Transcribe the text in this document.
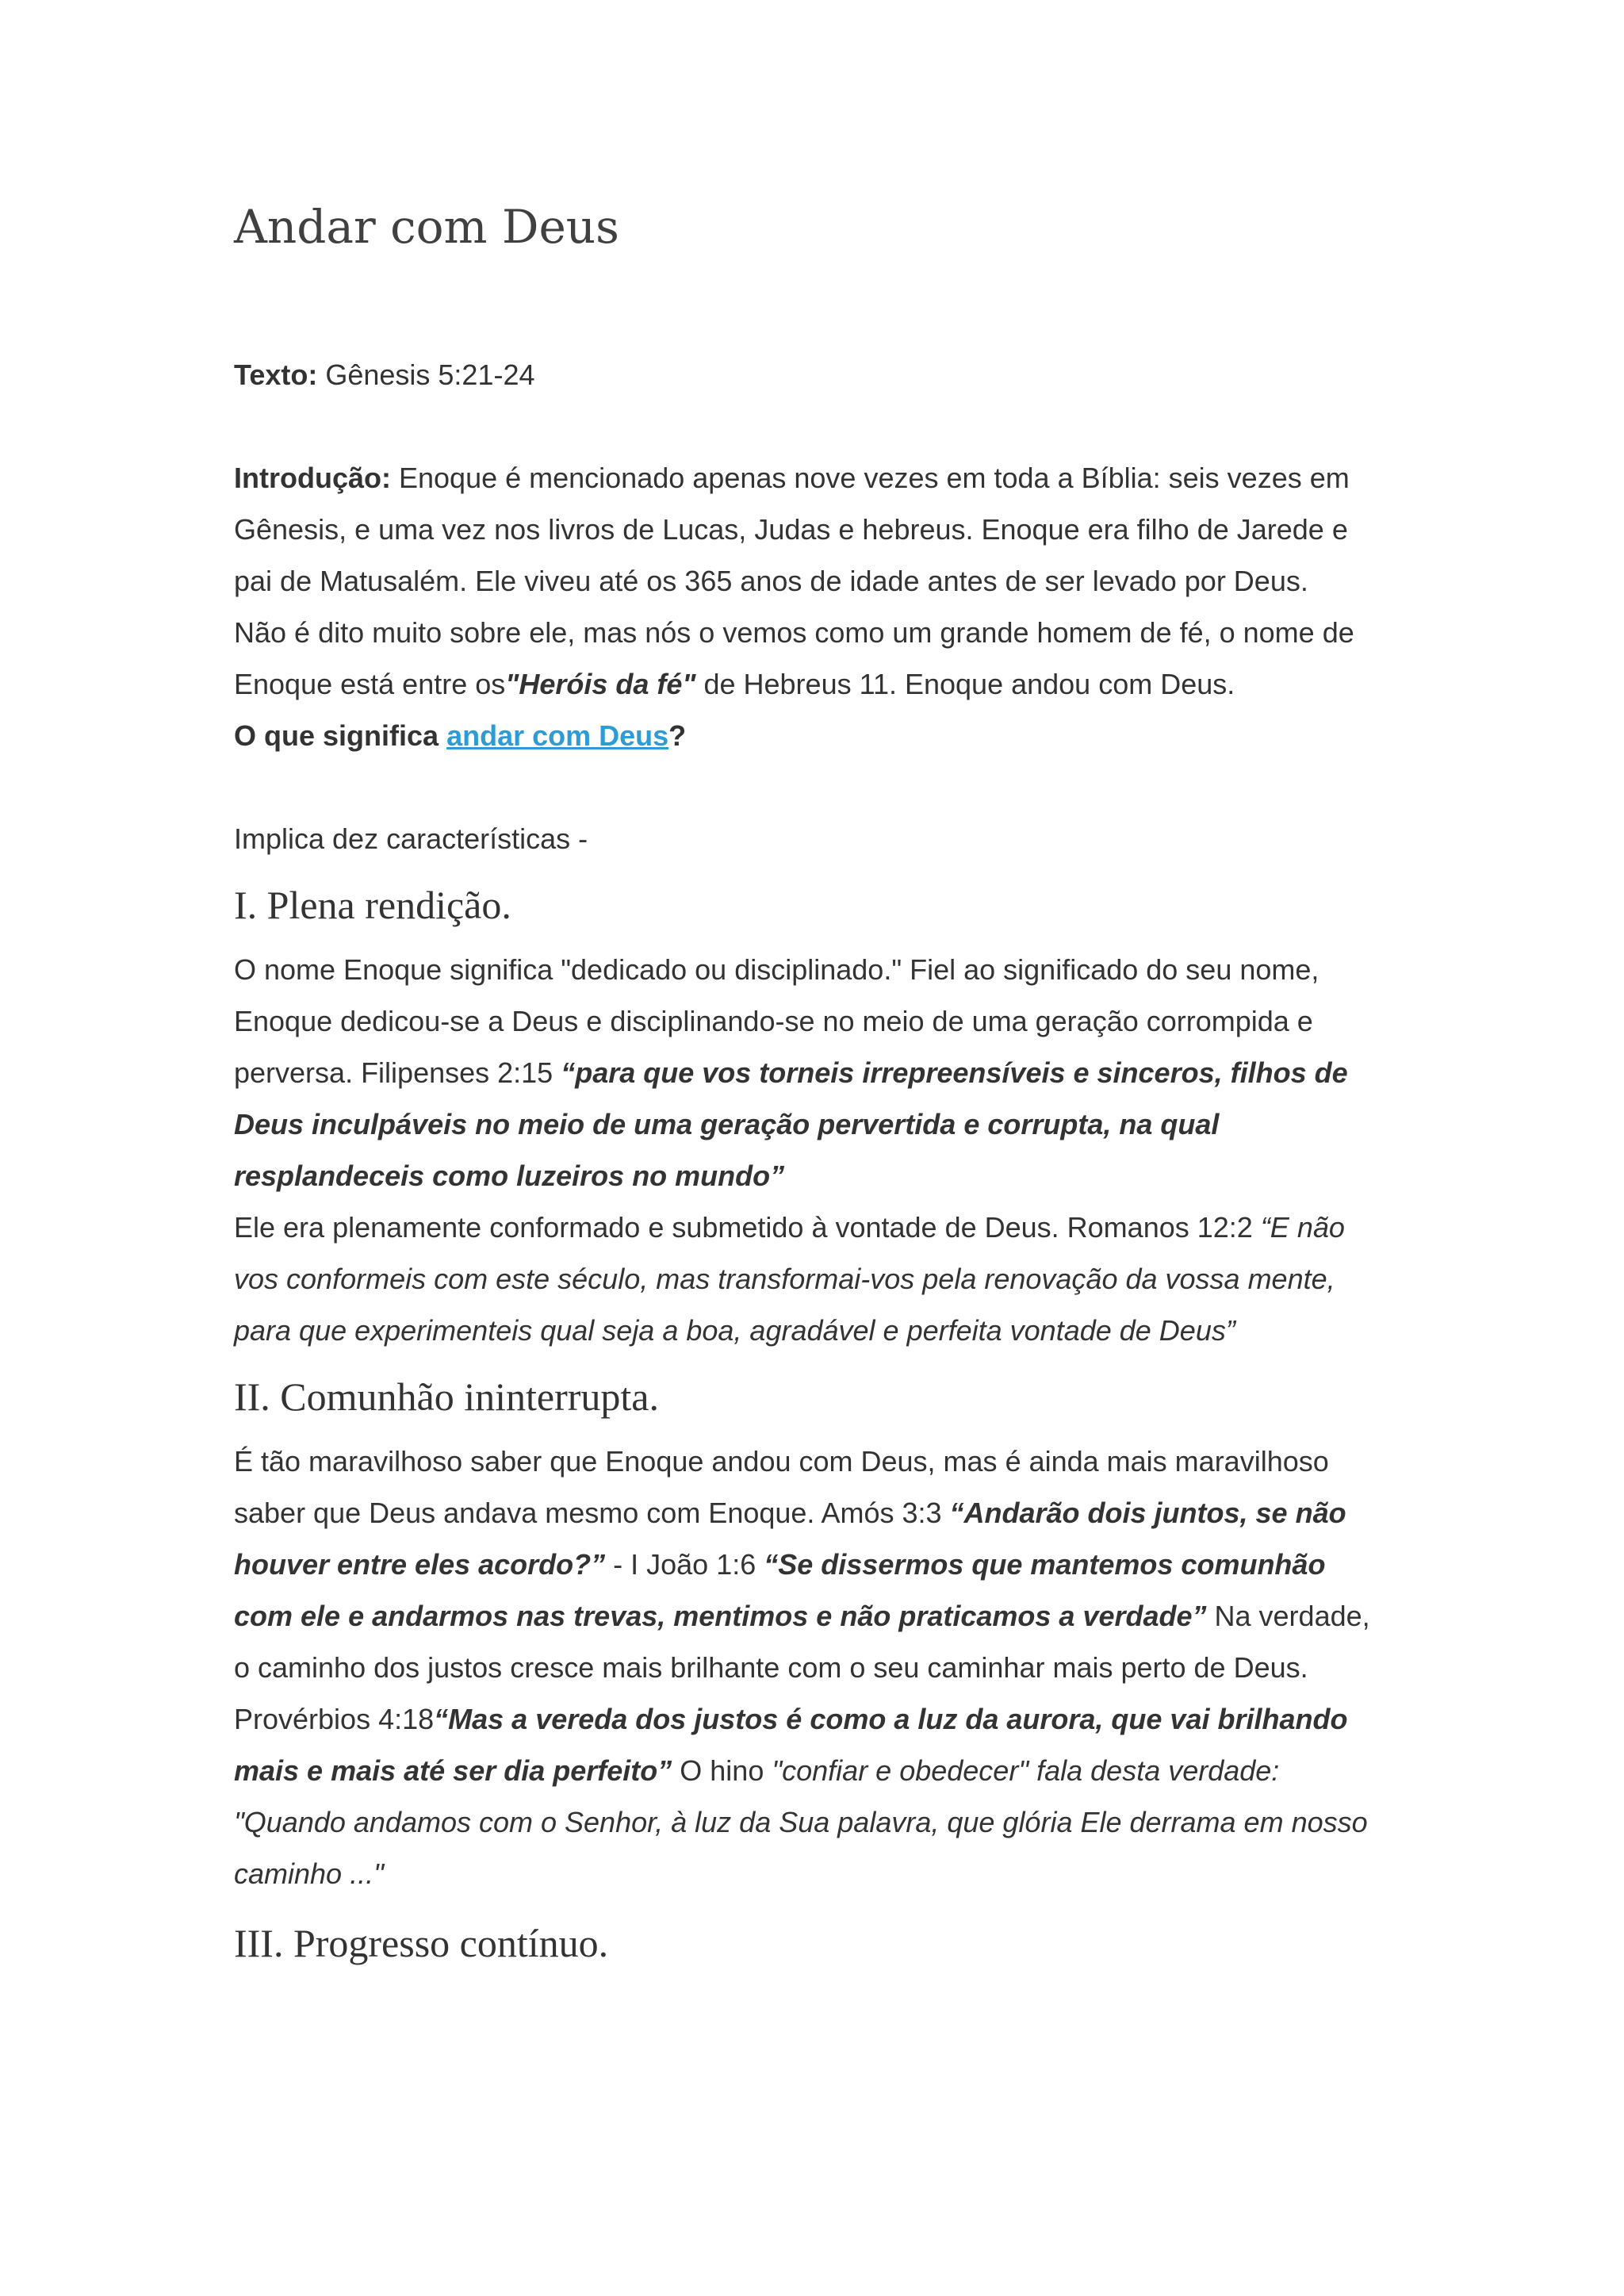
Andar com Deus

Texto: Gênesis 5:21-24

Introdução: Enoque é mencionado apenas nove vezes em toda a Bíblia: seis vezes em

Gênesis, e uma vez nos livros de Lucas, Judas e hebreus. Enoque era filho de Jarede e

pai de Matusalém. Ele viveu até os 365 anos de idade antes de ser levado por Deus.

Não é dito muito sobre ele, mas nós o vemos como um grande homem de fé, o nome de

Enoque está entre os"Heróis da fé" de Hebreus 11. Enoque andou com Deus.

O que significa andar com Deus?

Implica dez características -

I. Plena rendição.

O nome Enoque significa "dedicado ou disciplinado." Fiel ao significado do seu nome,

Enoque dedicou-se a Deus e disciplinando-se no meio de uma geração corrompida e

perversa. Filipenses 2:15 “para que vos torneis irrepreensíveis e sinceros, filhos de

Deus inculpáveis no meio de uma geração pervertida e corrupta, na qual

resplandeceis como luzeiros no mundo”

Ele era plenamente conformado e submetido à vontade de Deus. Romanos 12:2 “E não

vos conformeis com este século, mas transformai-vos pela renovação da vossa mente,

para que experimenteis qual seja a boa, agradável e perfeita vontade de Deus”

II. Comunhão ininterrupta.

É tão maravilhoso saber que Enoque andou com Deus, mas é ainda mais maravilhoso

saber que Deus andava mesmo com Enoque. Amós 3:3 “Andarão dois juntos, se não

houver entre eles acordo?” - I João 1:6 “Se dissermos que mantemos comunhão

com ele e andarmos nas trevas, mentimos e não praticamos a verdade” Na verdade,

o caminho dos justos cresce mais brilhante com o seu caminhar mais perto de Deus.

Provérbios 4:18“Mas a vereda dos justos é como a luz da aurora, que vai brilhando

mais e mais até ser dia perfeito” O hino "confiar e obedecer" fala desta verdade:

"Quando andamos com o Senhor, à luz da Sua palavra, que glória Ele derrama em nosso

caminho ..."

III. Progresso contínuo.
